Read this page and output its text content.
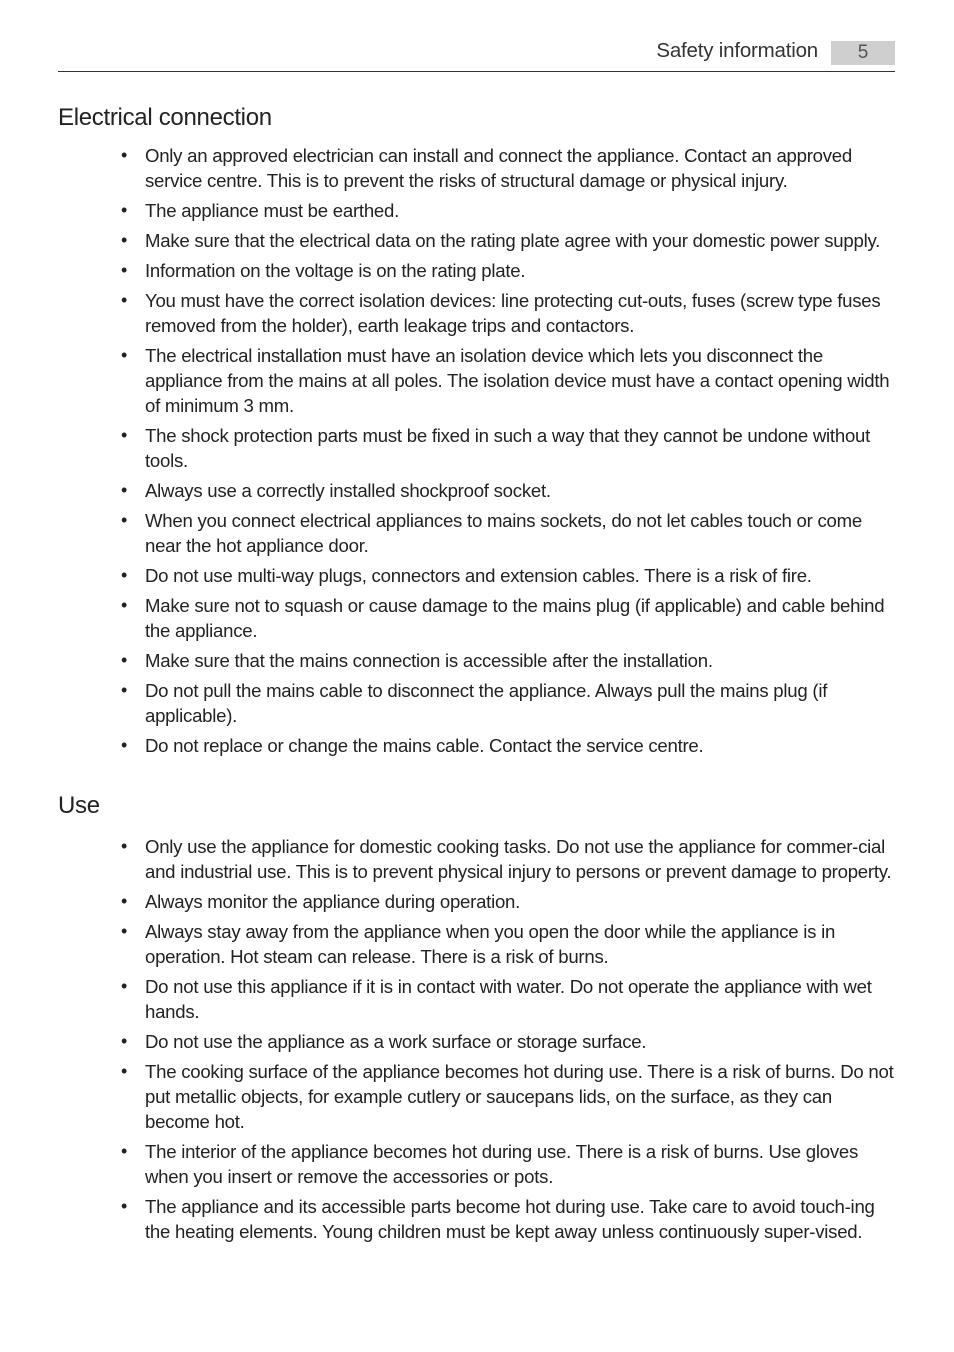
Safety information	5
Electrical connection
• Only an approved electrician can install and connect the appliance. Contact an approved service centre. This is to prevent the risks of structural damage or physical injury.
• The appliance must be earthed.
• Make sure that the electrical data on the rating plate agree with your domestic power supply.
• Information on the voltage is on the rating plate.
• You must have the correct isolation devices: line protecting cut-outs, fuses (screw type fuses removed from the holder), earth leakage trips and contactors.
• The electrical installation must have an isolation device which lets you disconnect the appliance from the mains at all poles. The isolation device must have a contact opening width of minimum 3 mm.
• The shock protection parts must be fixed in such a way that they cannot be undone without tools.
• Always use a correctly installed shockproof socket.
• When you connect electrical appliances to mains sockets, do not let cables touch or come near the hot appliance door.
• Do not use multi-way plugs, connectors and extension cables. There is a risk of fire.
• Make sure not to squash or cause damage to the mains plug (if applicable) and cable behind the appliance.
• Make sure that the mains connection is accessible after the installation.
• Do not pull the mains cable to disconnect the appliance. Always pull the mains plug (if applicable).
• Do not replace or change the mains cable. Contact the service centre.
Use
• Only use the appliance for domestic cooking tasks. Do not use the appliance for commer-cial and industrial use. This is to prevent physical injury to persons or prevent damage to property.
• Always monitor the appliance during operation.
• Always stay away from the appliance when you open the door while the appliance is in operation. Hot steam can release. There is a risk of burns.
• Do not use this appliance if it is in contact with water. Do not operate the appliance with wet hands.
• Do not use the appliance as a work surface or storage surface.
• The cooking surface of the appliance becomes hot during use. There is a risk of burns. Do not put metallic objects, for example cutlery or saucepans lids, on the surface, as they can become hot.
• The interior of the appliance becomes hot during use. There is a risk of burns. Use gloves when you insert or remove the accessories or pots.
• The appliance and its accessible parts become hot during use. Take care to avoid touch-ing the heating elements. Young children must be kept away unless continuously super-vised.
